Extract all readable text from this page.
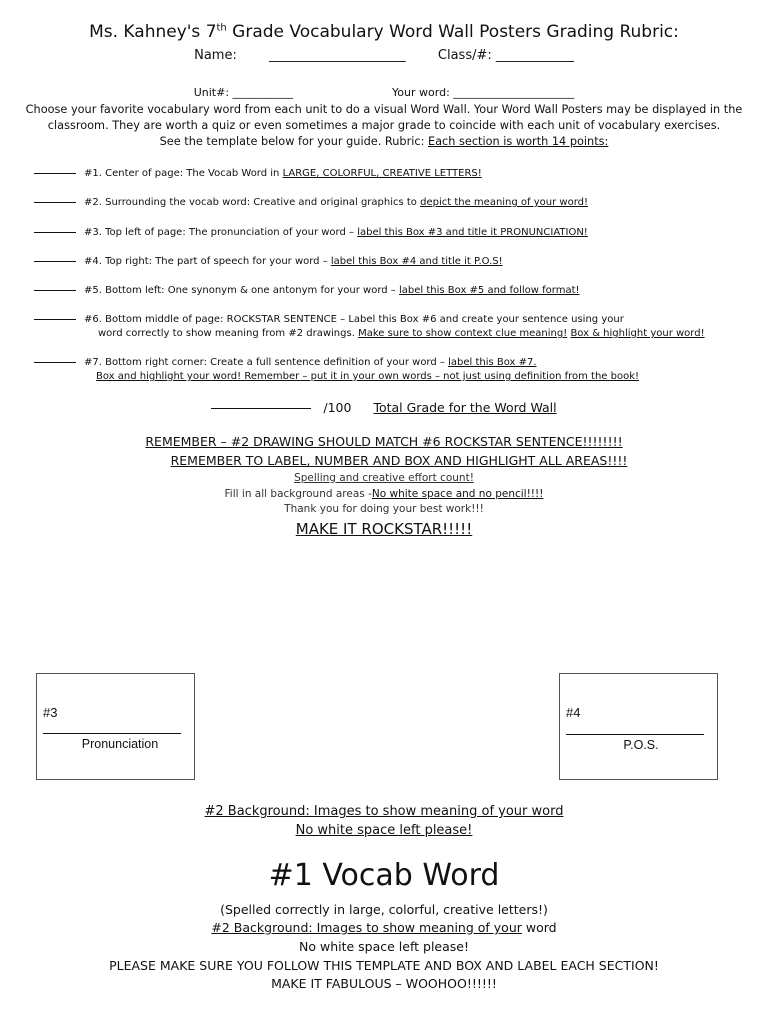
Ms. Kahney's 7th Grade Vocabulary Word Wall Posters Grading Rubric:
Name: _____________________ Class/#: ____________
Unit#: ___________	Your word: ______________________
Choose your favorite vocabulary word from each unit to do a visual Word Wall. Your Word Wall Posters may be displayed in the
classroom. They are worth a quiz or even sometimes a major grade to coincide with each unit of vocabulary exercises.
See the template below for your guide. Rubric: Each section is worth 14 points:
#1. Center of page: The Vocab Word in LARGE, COLORFUL, CREATIVE LETTERS!
#2. Surrounding the vocab word: Creative and original graphics to depict the meaning of your word!
#3. Top left of page: The pronunciation of your word – label this Box #3 and title it PRONUNCIATION!
#4. Top right: The part of speech for your word – label this Box #4 and title it P.O.S!
#5. Bottom left: One synonym & one antonym for your word – label this Box #5 and follow format!
#6. Bottom middle of page: ROCKSTAR SENTENCE – Label this Box #6 and create your sentence using your
word correctly to show meaning from #2 drawings. Make sure to show context clue meaning! Box & highlight your word!
#7. Bottom right corner: Create a full sentence definition of your word – label this Box #7.
Box and highlight your word! Remember – put it in your own words – not just using definition from the book!
/100 Total Grade for the Word Wall
REMEMBER – #2 DRAWING SHOULD MATCH #6 ROCKSTAR SENTENCE!!!!!!!!
REMEMBER TO LABEL, NUMBER AND BOX AND HIGHLIGHT ALL AREAS!!!!
Spelling and creative effort count!
Fill in all background areas -No white space and no pencil!!!!
Thank you for doing your best work!!!
MAKE IT ROCKSTAR!!!!!
#3
Pronunciation
#4
P.O.S.
#2 Background: Images to show meaning of your word
No white space left please!
#1 Vocab Word
(Spelled correctly in large, colorful, creative letters!)
#2 Background: Images to show meaning of your word
No white space left please!
PLEASE MAKE SURE YOU FOLLOW THIS TEMPLATE AND BOX AND LABEL EACH SECTION!
MAKE IT FABULOUS – WOOHOO!!!!!!
